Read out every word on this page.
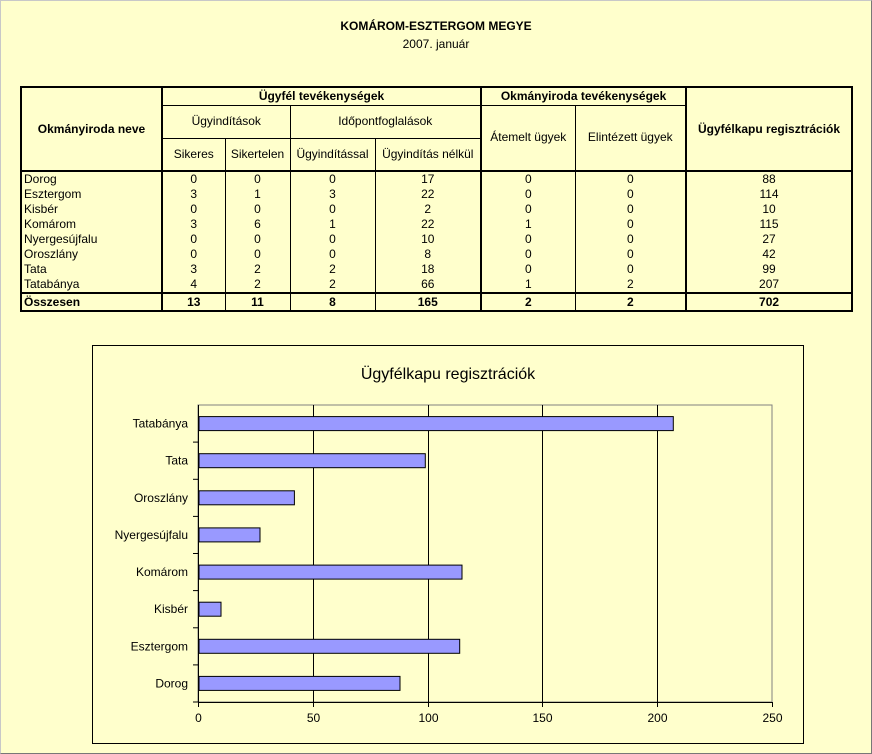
KOMÁROM-ESZTERGOM MEGYE
2007. január
Okmányiroda neve	Ügyfél tevékenységek				Okmányiroda tevékenységek		Ügyfélkapu regisztrációk
	Ügyindítások		Időpontfoglalások		Átemelt ügyek	Elintézett ügyek	
	Sikeres	Sikertelen	Ügyindítással	Ügyindítás nélkül			
Dorog	0	0	0	17	0	0	88
Esztergom	3	1	3	22	0	0	114
Kisbér	0	0	0	2	0	0	10
Komárom	3	6	1	22	1	0	115
Nyergesújfalu	0	0	0	10	0	0	27
Oroszlány	0	0	0	8	0	0	42
Tata	3	2	2	18	0	0	99
Tatabánya	4	2	2	66	1	2	207
Összesen	13	11	8	165	2	2	702
Ügyfélkapu regisztrációk
0	50	100	150	200	250
Dorog
Esztergom
Kisbér
Komárom
Nyergesújfalu
Oroszlány
Tata
Tatabánya
